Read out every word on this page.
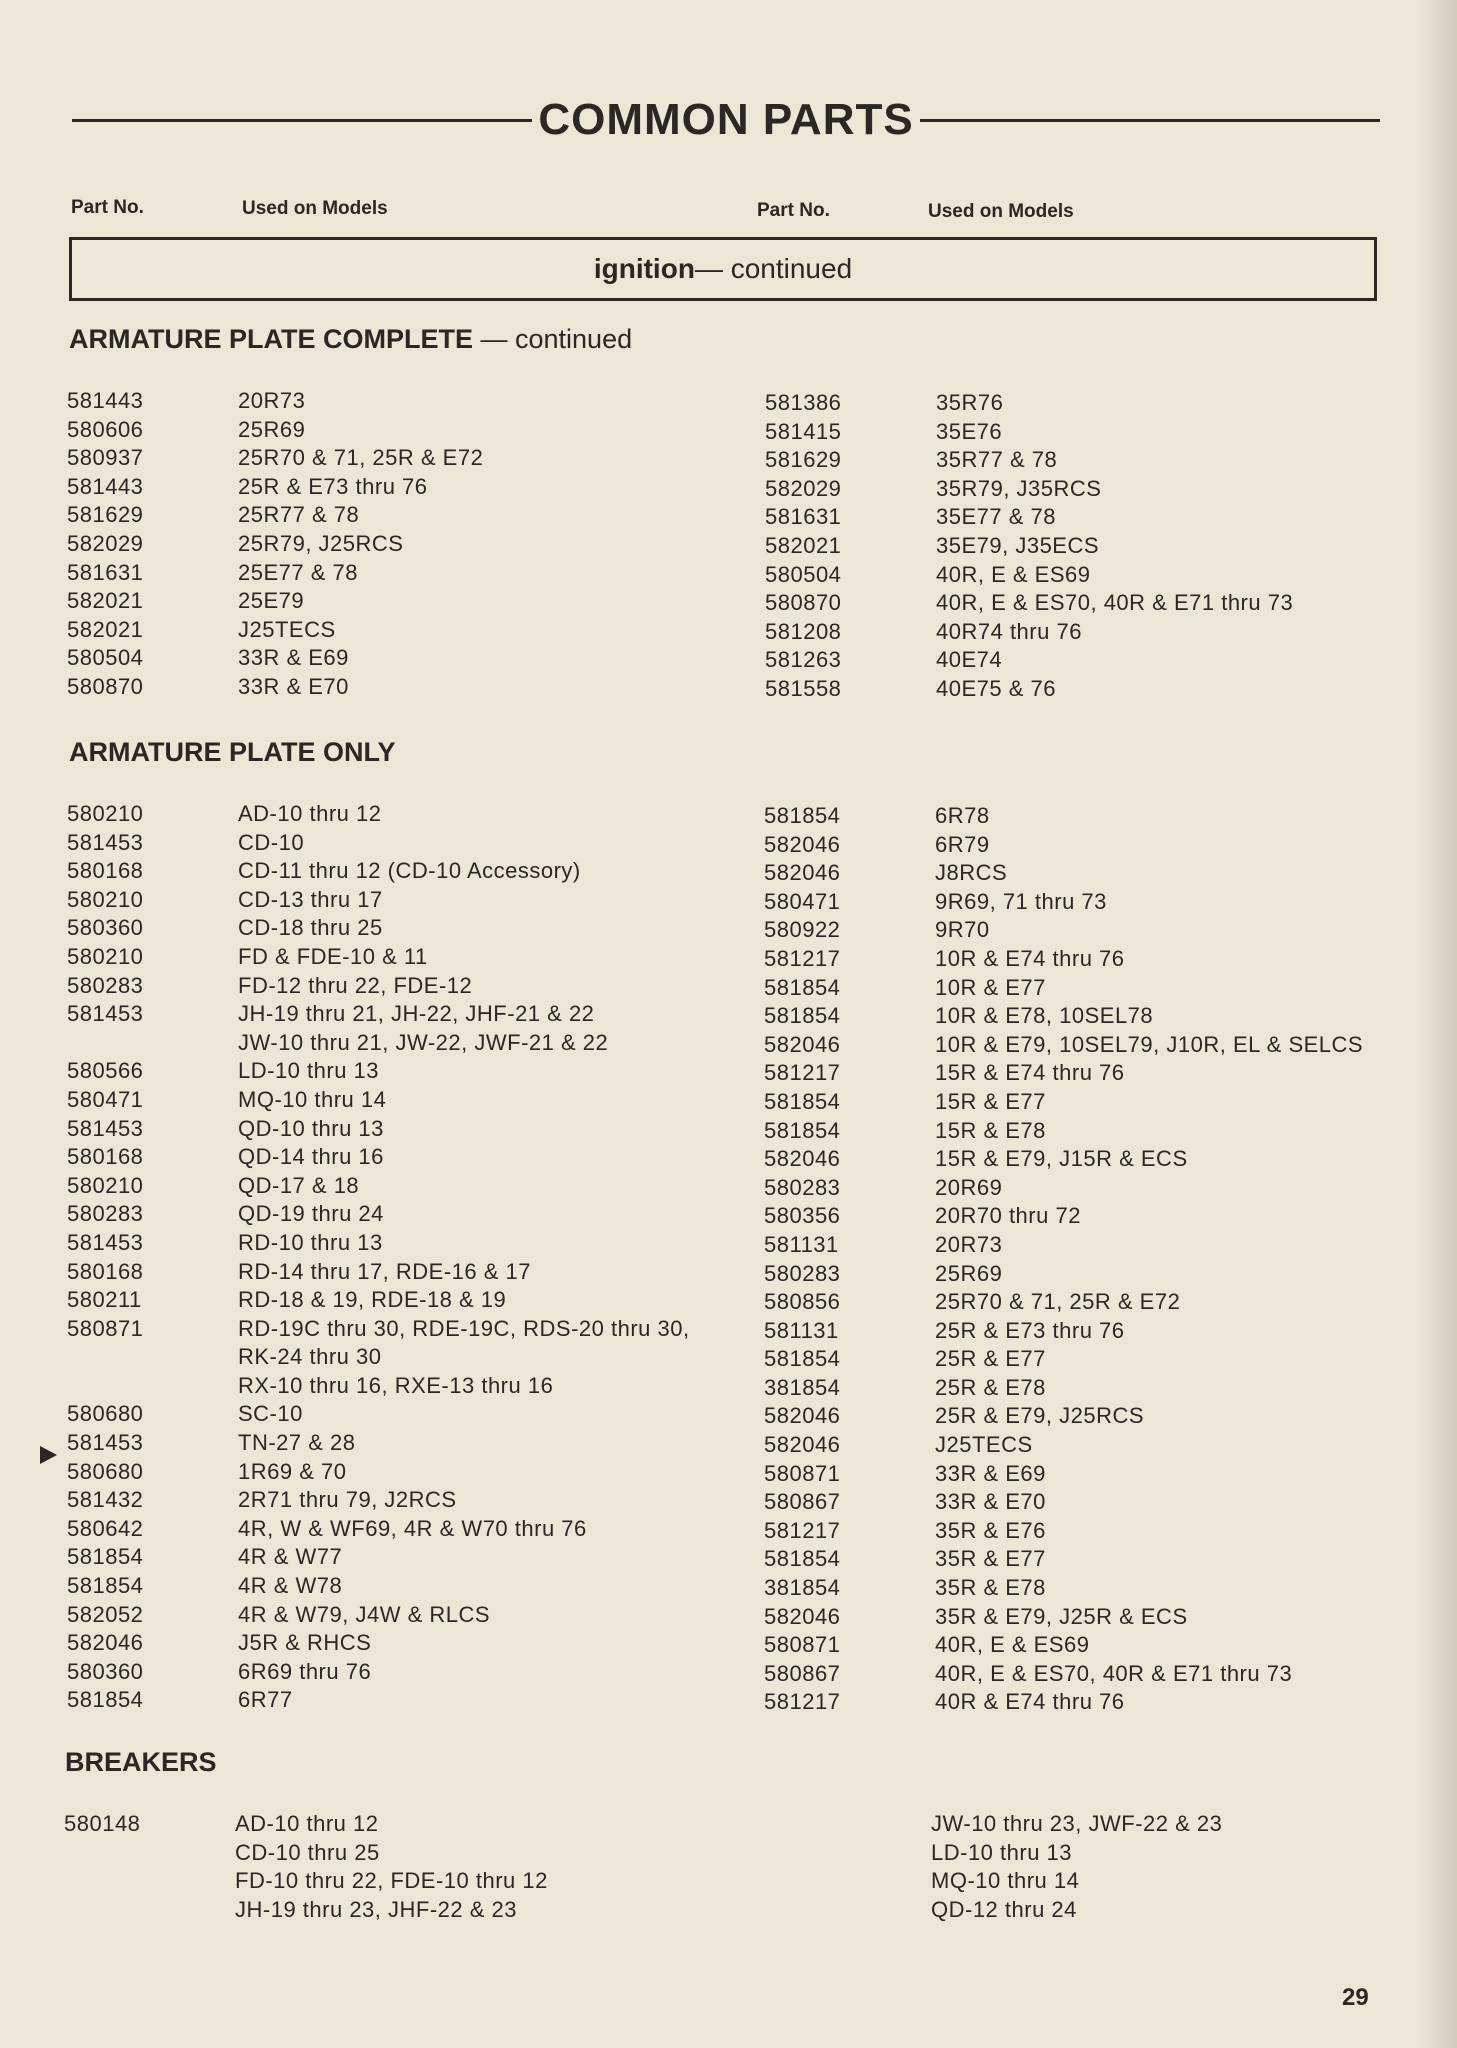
COMMON PARTS
Part No.	Used on Models	Part No.	Used on Models
ignition — continued
ARMATURE PLATE COMPLETE — continued
581443	20R73
580606	25R69
580937	25R70 & 71, 25R & E72
581443	25R & E73 thru 76
581629	25R77 & 78
582029	25R79, J25RCS
581631	25E77 & 78
582021	25E79
582021	J25TECS
580504	33R & E69
580870	33R & E70
581386	35R76
581415	35E76
581629	35R77 & 78
582029	35R79, J35RCS
581631	35E77 & 78
582021	35E79, J35ECS
580504	40R, E & ES69
580870	40R, E & ES70, 40R & E71 thru 73
581208	40R74 thru 76
581263	40E74
581558	40E75 & 76
ARMATURE PLATE ONLY
580210	AD-10 thru 12
581453	CD-10
580168	CD-11 thru 12 (CD-10 Accessory)
580210	CD-13 thru 17
580360	CD-18 thru 25
580210	FD & FDE-10 & 11
580283	FD-12 thru 22, FDE-12
581453	JH-19 thru 21, JH-22, JHF-21 & 22
JW-10 thru 21, JW-22, JWF-21 & 22
580566	LD-10 thru 13
580471	MQ-10 thru 14
581453	QD-10 thru 13
580168	QD-14 thru 16
580210	QD-17 & 18
580283	QD-19 thru 24
581453	RD-10 thru 13
580168	RD-14 thru 17, RDE-16 & 17
580211	RD-18 & 19, RDE-18 & 19
580871	RD-19C thru 30, RDE-19C, RDS-20 thru 30,
RK-24 thru 30
RX-10 thru 16, RXE-13 thru 16
580680	SC-10
581453	TN-27 & 28
580680	1R69 & 70
581432	2R71 thru 79, J2RCS
580642	4R, W & WF69, 4R & W70 thru 76
581854	4R & W77
581854	4R & W78
582052	4R & W79, J4W & RLCS
582046	J5R & RHCS
580360	6R69 thru 76
581854	6R77
581854	6R78
582046	6R79
582046	J8RCS
580471	9R69, 71 thru 73
580922	9R70
581217	10R & E74 thru 76
581854	10R & E77
581854	10R & E78, 10SEL78
582046	10R & E79, 10SEL79, J10R, EL & SELCS
581217	15R & E74 thru 76
581854	15R & E77
581854	15R & E78
582046	15R & E79, J15R & ECS
580283	20R69
580356	20R70 thru 72
581131	20R73
580283	25R69
580856	25R70 & 71, 25R & E72
581131	25R & E73 thru 76
581854	25R & E77
381854	25R & E78
582046	25R & E79, J25RCS
582046	J25TECS
580871	33R & E69
580867	33R & E70
581217	35R & E76
581854	35R & E77
381854	35R & E78
582046	35R & E79, J25R & ECS
580871	40R, E & ES69
580867	40R, E & ES70, 40R & E71 thru 73
581217	40R & E74 thru 76
BREAKERS
580148	AD-10 thru 12
CD-10 thru 25
FD-10 thru 22, FDE-10 thru 12
JH-19 thru 23, JHF-22 & 23
JW-10 thru 23, JWF-22 & 23
LD-10 thru 13
MQ-10 thru 14
QD-12 thru 24
29
